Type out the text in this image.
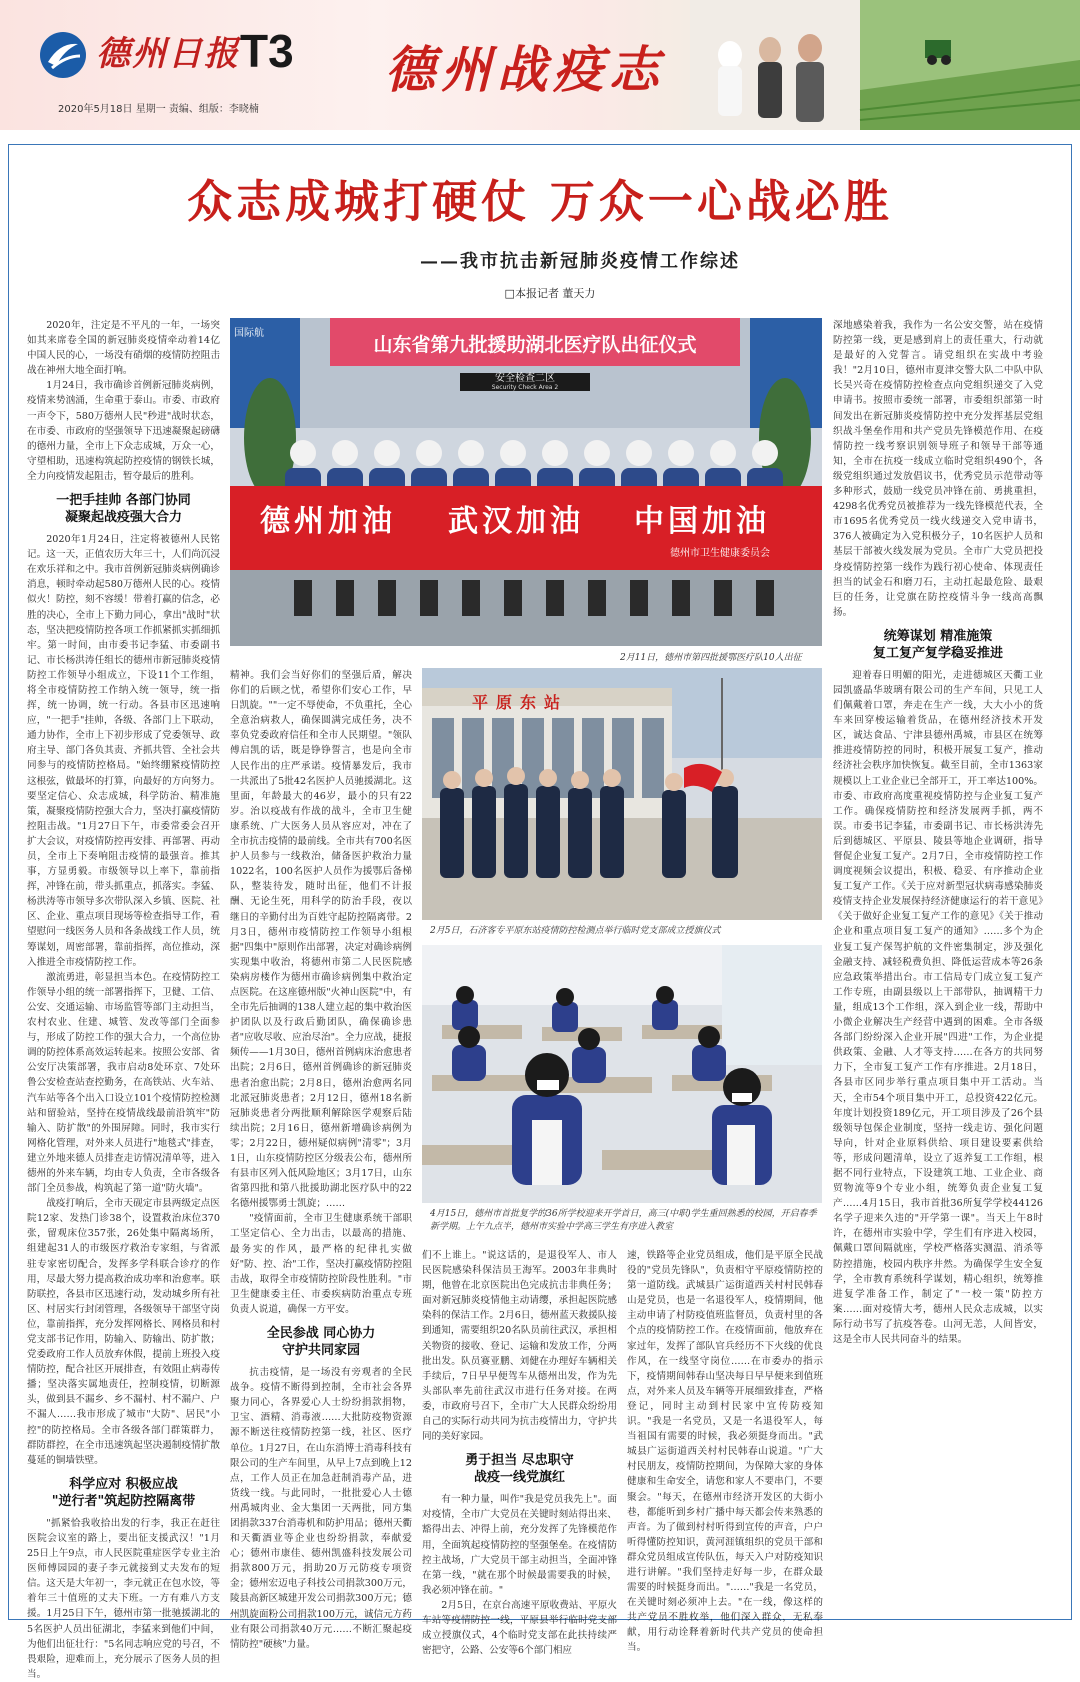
德州日报 T3 德州战疫志
2020年5月18日 星期一 责编、组版：李晓楠
众志成城打硬仗 万众一心战必胜
——我市抗击新冠肺炎疫情工作综述
□本报记者 董天力

2020年，注定是不平凡的一年，一场突如其来席卷全国的新冠肺炎疫情牵动着14亿中国人民的心，一场没有硝烟的疫情防控阻击战在神州大地全面打响。

1月24日，我市确诊首例新冠肺炎病例，疫情来势汹涌，生命重于泰山。市委、市政府一声令下，580万德州人民"秒进"战时状态，在市委、市政府的坚强领导下迅速凝聚起磅礴的德州力量，全市上下众志成城，万众一心，守望相助，迅速构筑起防控疫情的钢铁长城，全力向疫情发起阻击，暂夺最后的胜利。

一把手挂帅 各部门协同
凝聚起战疫强大合力

2020年1月24日，注定将被德州人民铭记。这一天，正值农历大年三十，人们尚沉浸在欢乐祥和之中。我市首例新冠肺炎病例确诊消息，顿时牵动起580万德州人民的心。疫情似火！防控，刻不容缓！带着打赢的信念，必胜的决心，全市上下勤力同心，拿出"战时"状态，坚决把疫情防控各项工作抓紧抓实抓细抓牢。第一时间，由市委书记李猛、市委副书记、市长杨洪涛任组长的德州市新冠肺炎疫情防控工作领导小组成立，下设11个工作组，将全市疫情防控工作纳入统一领导，统一指挥，统一协调，统一行动。各县市区迅速响应，"一把手"挂帅，各级、各部门上下联动，通力协作，全市上下初步形成了党委领导、政府主导、部门各负其责、齐抓共管、全社会共同参与的疫情防控格局。"始终绷紧疫情防控这根弦，做最坏的打算，向最好的方向努力。要坚定信心、众志成城，科学防治、精准施策，凝聚疫情防控强大合力，坚决打赢疫情防控阻击战。"1月27日下午，市委常委会召开扩大会议，对疫情防控再安排、再部署、再动员，全市上下奏响阻击疫情的最强音。推其事，方显勇毅。市级领导以上率下，靠前指挥，冲锋在前，带头抓重点，抓落实。李猛、杨洪涛等市领导多次带队深入乡镇、医院、社区、企业、重点项目现场等检查指导工作，看望慰问一线医务人员和各条战线工作人员，统筹谋划，周密部署，靠前指挥，高位推动，深入推进全市疫情防控工作。

激流勇进，彰显担当本色。在疫情防控工作领导小组的统一部署指挥下，卫健、工信、公安、交通运输、市场监管等部门主动担当，农村农业、住建、城管、发改等部门全面参与，形成了防控工作的强大合力，一个高位协调的防控体系高效运转起来。按照公安部、省公安厅决策部署，我市启动8处环京、7处环鲁公安检查站查控勤务，在高铁站、火车站、汽车站等各个出入口设立101个疫情防控检测站和留验站，坚持在疫情战线最前沿筑牢"防输入、防扩散"的外围屏障。同时，我市实行网格化管理，对外来人员进行"地毯式"排查，建立外地来德人员排查走访情况清单等，进入德州的外来车辆，均由专人负责，全市各级各部门全员参战，构筑起了第一道"防火墙"。

战疫打响后，全市天砚定市县两级定点医院12家、发热门诊38个，设置救治床位370张，留观床位357张，26处集中隔离场所，组建起31人的市级医疗救治专家组，与省派驻专家密切配合，发挥多学科联合诊疗的作用，尽最大努力提高救治成功率和治愈率。联防联控，各县市区迅速行动，发动城乡所有社区、村居实行封闭管理，各级领导干部坚守岗位，靠前指挥，充分发挥网格长、网格员和村党支部书记作用，防输入、防输出、防扩散；党委政府工作人员放弃休假，提前上班投入疫情防控，配合社区开展排查，有效阻止病毒传播；坚决落实属地责任，控制疫情，切断源头，做到县不漏乡、乡不漏村、村不漏户、户不漏人……我市形成了城市"大防"、居民"小控"的防控格局。全市各级各部门群策群力，群防群控，在全市迅速筑起坚决遏制疫情扩散蔓延的铜墙铁壁。

科学应对 积极应战
"逆行者"筑起防控隔离带

"抓紧恰我收拾出发的行李，我正在赶往医院会议室的路上，要出征支援武汉！"1月25日上午9点，市人民医院重症医学专业主治医师傅园园的妻子李元就接到丈夫发布的短信。这天是大年初一，李元就正在包水饺，等着年三十值班的丈夫下班。一方有难八方支援。1月25日下午，德州市第一批驰援湖北的5名医护人员出征湖北，李猛来到他们中间，为他们出征壮行："5名同志响应党的号召，不畏艰险，迎难而上，充分展示了医务人员的担当。

国际航
山东省第九批援助湖北医疗队出征仪式
安全检查二区
Security Check Area 2
德州加油 武汉加油 中国加油
德州市卫生健康委员会
2月11日，德州市第四批援鄂医疗队10人出征

深地感染着我，我作为一名公安交警，站在疫情防控第一线，更是感到肩上的责任重大，行动就是最好的入党誓言。请党组织在实战中考验我！"2月10日，德州市夏津交警大队二中队中队长吴兴奇在疫情防控检查点向党组织递交了入党申请书。按照市委统一部署，市委组织部第一时间发出在新冠肺炎疫情防控中充分发挥基层党组织战斗堡垒作用和共产党员先锋模范作用、在疫情防控一线考察识别领导班子和领导干部等通知，全市在抗疫一线成立临时党组织490个，各级党组织通过发放倡议书，优秀党员示范带动等多种形式，鼓励一线党员冲锋在前、勇挑重担，4298名优秀党员被推荐为一线先锋模范代表，全市1695名优秀党员一线火线递交入党申请书，376人被确定为入党积极分子，10名医护人员和基层干部被火线发展为党员。全市广大党员把投身疫情防控第一线作为践行初心使命、体现责任担当的试金石和磨刀石，主动扛起最危险、最艰巨的任务，让党旗在防控疫情斗争一线高高飘扬。

统筹谋划 精准施策
复工复产复学稳妥推进

迎着春日明媚的阳光，走进德城区天衢工业园凯盛晶华玻璃有限公司的生产车间，只见工人们佩戴着口罩，奔走在生产一线，大大小小的货车来回穿梭运输着货品，在德州经济技术开发区，诚达食品、宁津县德州禹城，市县区在统筹推进疫情防控的同时，积极开展复工复产，推动经济社会秩序加快恢复。截至目前，全市1363家规模以上工业企业已全部开工，开工率达100%。市委、市政府高度重视疫情防控与企业复工复产工作。确保疫情防控和经济发展两手抓，两不误。市委书记李猛，市委副书记、市长杨洪涛先后到德城区、平原县、陵县等地企业调研，指导督促企业复工复产。2月7日，全市疫情防控工作调度视频会议提出，积极、稳妥、有序推动企业复工复产工作。《关于应对新型冠状病毒感染肺炎疫情支持企业发展保持经济健康运行的若干意见》《关于做好企业复工复产工作的意见》《关于推动企业和重点项目复工复产的通知》……多个为企业复工复产保驾护航的文件密集制定，涉及强化金融支持、减轻税费负担、降低运营成本等26条应急政策举措出台。市工信局专门成立复工复产工作专班，由副县级以上干部带队，抽调精干力量，组成13个工作组，深入到企业一线，帮助中小微企业解决生产经营中遇到的困难。全市各级各部门纷纷深入企业开展"四进"工作，为企业提供政策、金融、人才等支持……在各方的共同努力下，全市复工复产工作有序推进。2月18日，各县市区同步举行重点项目集中开工活动。当天，全市54个项目集中开工，总投资422亿元。年度计划投资189亿元，开工项目涉及了26个县级领导包保企业制度，坚持一线走访、强化问题导向，针对企业原料供给、项目建设要素供给等，形成问题清单，设立了返养复工工作组，根据不同行业特点，下设建筑工地、工业企业、商贸物流等9个专业小组，统筹负责企业复工复产……4月15日，我市首批36所复学学校44126名学子迎来久违的"开学第一课"。当天上午8时许，在德州市实验中学，学生们有序进入校园，佩戴口罩间隔就座，学校严格落实测温、消杀等防控措施，校园内秩序井然。为确保学生安全复学，全市教育系统科学谋划，精心组织，统筹推进复学准备工作，制定了"一校一策"防控方案……面对疫情大考，德州人民众志成城，以实际行动书写了抗疫答卷。山河无恙，人间皆安，这是全市人民共同奋斗的结果。

精神。我们会当好你们的坚强后盾，解决你们的后顾之忧，希望你们安心工作，早日凯旋。""一定不辱使命，不负重托，全心全意治病救人，确保圆满完成任务，决不辜负党委政府信任和全市人民期望。"领队傅启凯的话，既是铮铮誓言，也是向全市人民作出的庄严承诺。疫情暴发后，我市一共派出了5批42名医护人员驰援湖北。这里面，年龄最大的46岁，最小的只有22岁。治以疫战有作战的战斗，全市卫生健康系统、广大医务人员从容应对，冲在了全市抗击疫情的最前线。全市共有700名医护人员参与一线救治，储备医护救治力量1022名，100名医护人员作为援鄂后备梯队，整装待发，随时出征，他们不计报酬、无论生死，用科学的防治手段，夜以继日的辛勤付出为百姓守起防控隔离带。2月3日，德州市疫情防控工作领导小组根据"四集中"原则作出部署，决定对确诊病例实现集中收治，将德州市第二人民医院感染病房楼作为德州市确诊病例集中救治定点医院。在这座德州版"火神山医院"中，有全市先后抽调的138人建立起的集中救治医护团队以及行政后勤团队，确保确诊患者"应收尽收、应治尽治"。全力应战，捷报频传——1月30日，德州首例病床治愈患者出院；2月6日，德州首例确诊的新冠肺炎患者治愈出院；2月8日，德州治愈两名同北派冠肺炎患者；2月12日，德州18名新冠肺炎患者分两批顺利解除医学观察后陆续出院；2月16日，德州新增确诊病例为零；2月22日，德州疑似病例"清零"；3月1日，山东疫情防控区分级表公布，德州所有县市区列入低风险地区；3月17日，山东省第四批和第八批援助湖北医疗队中的22名德州援鄂勇士凯旋；……

"疫情面前，全市卫生健康系统干部职工坚定信心、全力出击，以最高的措施、最务实的作风，最严格的纪律扎实做好"防、控、治"工作，坚决打赢疫情防控阻击战，取得全市疫情防控阶段性胜利。"市卫生健康委主任、市委疾病防治重点专班负责人说道，确保一方平安。

全民参战 同心协力
守护共同家园

抗击疫情，是一场没有旁观者的全民战争。疫情不断得到控制，全市社会各界聚力同心，各界爱心人士纷纷捐款捐物，卫宝、酒精、消毒液……大批防疫物资源源不断送往疫情防控第一线，社区、医疗单位。1月27日，在山东消博士消毒科技有限公司的生产车间里，从早上7点到晚上12点，工作人员正在加急赶制消毒产品，进货线一线。与此同时，一批批爱心人士德州禹城肉业、金大集团一天两批，同方集团捐款337台消毒机和防护用品；德州天衢和天衢酒业等企业也纷纷捐款，奉献爱心；德州市康佳、德州凯盛科技发展公司捐款800万元，捐助20万元防疫专项资金；德州宏迈电子科技公司捐款300万元，陵县高新区城建开发公司捐款300万元；德州凯旋面粉公司捐款100万元，诚信元方药业有限公司捐款40万元……不断汇聚起疫情防控"硬核"力量。

平原东站
2月5日，石济客专平原东站疫情防控检测点举行临时党支部成立授旗仪式
4月15日，德州市首批复学的36所学校迎来开学首日，高三(中职)学生重回熟悉的校园，开启春季新学期。上午九点半，德州市实验中学高三学生有序进入教室

们不上谁上。"说这话的，是退役军人、市人民医院感染科保洁员王海军。2003年非典时期，他曾在北京医院出色完成抗击非典任务；面对新冠肺炎疫情他主动请缨，承担起医院感染科的保洁工作。2月6日，德州蓝天救援队接到通知，需要组织20名队员前往武汉，承担相关物资的接收、登记、运输和发放工作，分两批出发。队员赛亚鹏、刘健在办理好车辆相关手续后，7日早早便驾车从德州出发，作为先头部队率先前往武汉市进行任务对接。在两委，市政府号召下，全市广大人民群众纷纷用自己的实际行动共同为抗击疫情出力，守护共同的美好家园。

勇于担当 尽忠职守
战疫一线党旗红

有一种力量，叫作"我是党员我先上"。面对疫情，全市广大党员在关键时刻站得出来、豁得出去、冲得上前，充分发挥了先锋模范作用，全面筑起疫情防控的坚强堡垒。在疫情防控主战场，广大党员干部主动担当，全面冲锋在第一线，"就在那个时候最需要我的时候，我必须冲锋在前。"

2月5日，在京台高速平原收费站、平原火车站等疫情防控一线，平原县举行临时党支部成立授旗仪式，4个临时党支部在此扶持续严密把守，公路、公安等6个部门相应

速，铁路等企业党员组成，他们是平原全民战役的"党员先锋队"，负责相守平原疫情防控的第一道防线。武城县广运街道西关村村民韩春山是党员，也是一名退役军人，疫情期间，他主动申请了村防疫值班监督员，负责村里的各个点的疫情防控工作。在疫情面前，他放弃在家过年，发挥了部队官兵经历不下火线的优良作风，在一线坚守岗位……在市委办的指示下，疫情期间韩春山坚决每日早早便来到值班点，对外来人员及车辆等开展细致排查，严格登记，同时主动到村民家中宣传防疫知识。"我是一名党员，又是一名退役军人，每当祖国有需要的时候，我必须挺身而出。"武城县广运街道西关村村民韩春山说道。"广大村民朋友，疫情防控期间，为保障大家的身体健康和生命安全，请您和家人不要串门，不要聚会。"每天，在德州市经济开发区的大街小巷，都能听到乡村广播中每天都会传来熟悉的声音。为了做到村村听得到宣传的声音，户户听得懂防控知识，黄河涯镇组织的党员干部和群众党员组成宣传队伍，每天入户对防疫知识进行讲解。"我们坚持走好每一步，在群众最需要的时候挺身而出。"……"我是一名党员，在关键时刻必须冲上去。"在一线，像这样的共产党员不胜枚举，他们深入群众，无私奉献，用行动诠释着新时代共产党员的使命担当。
